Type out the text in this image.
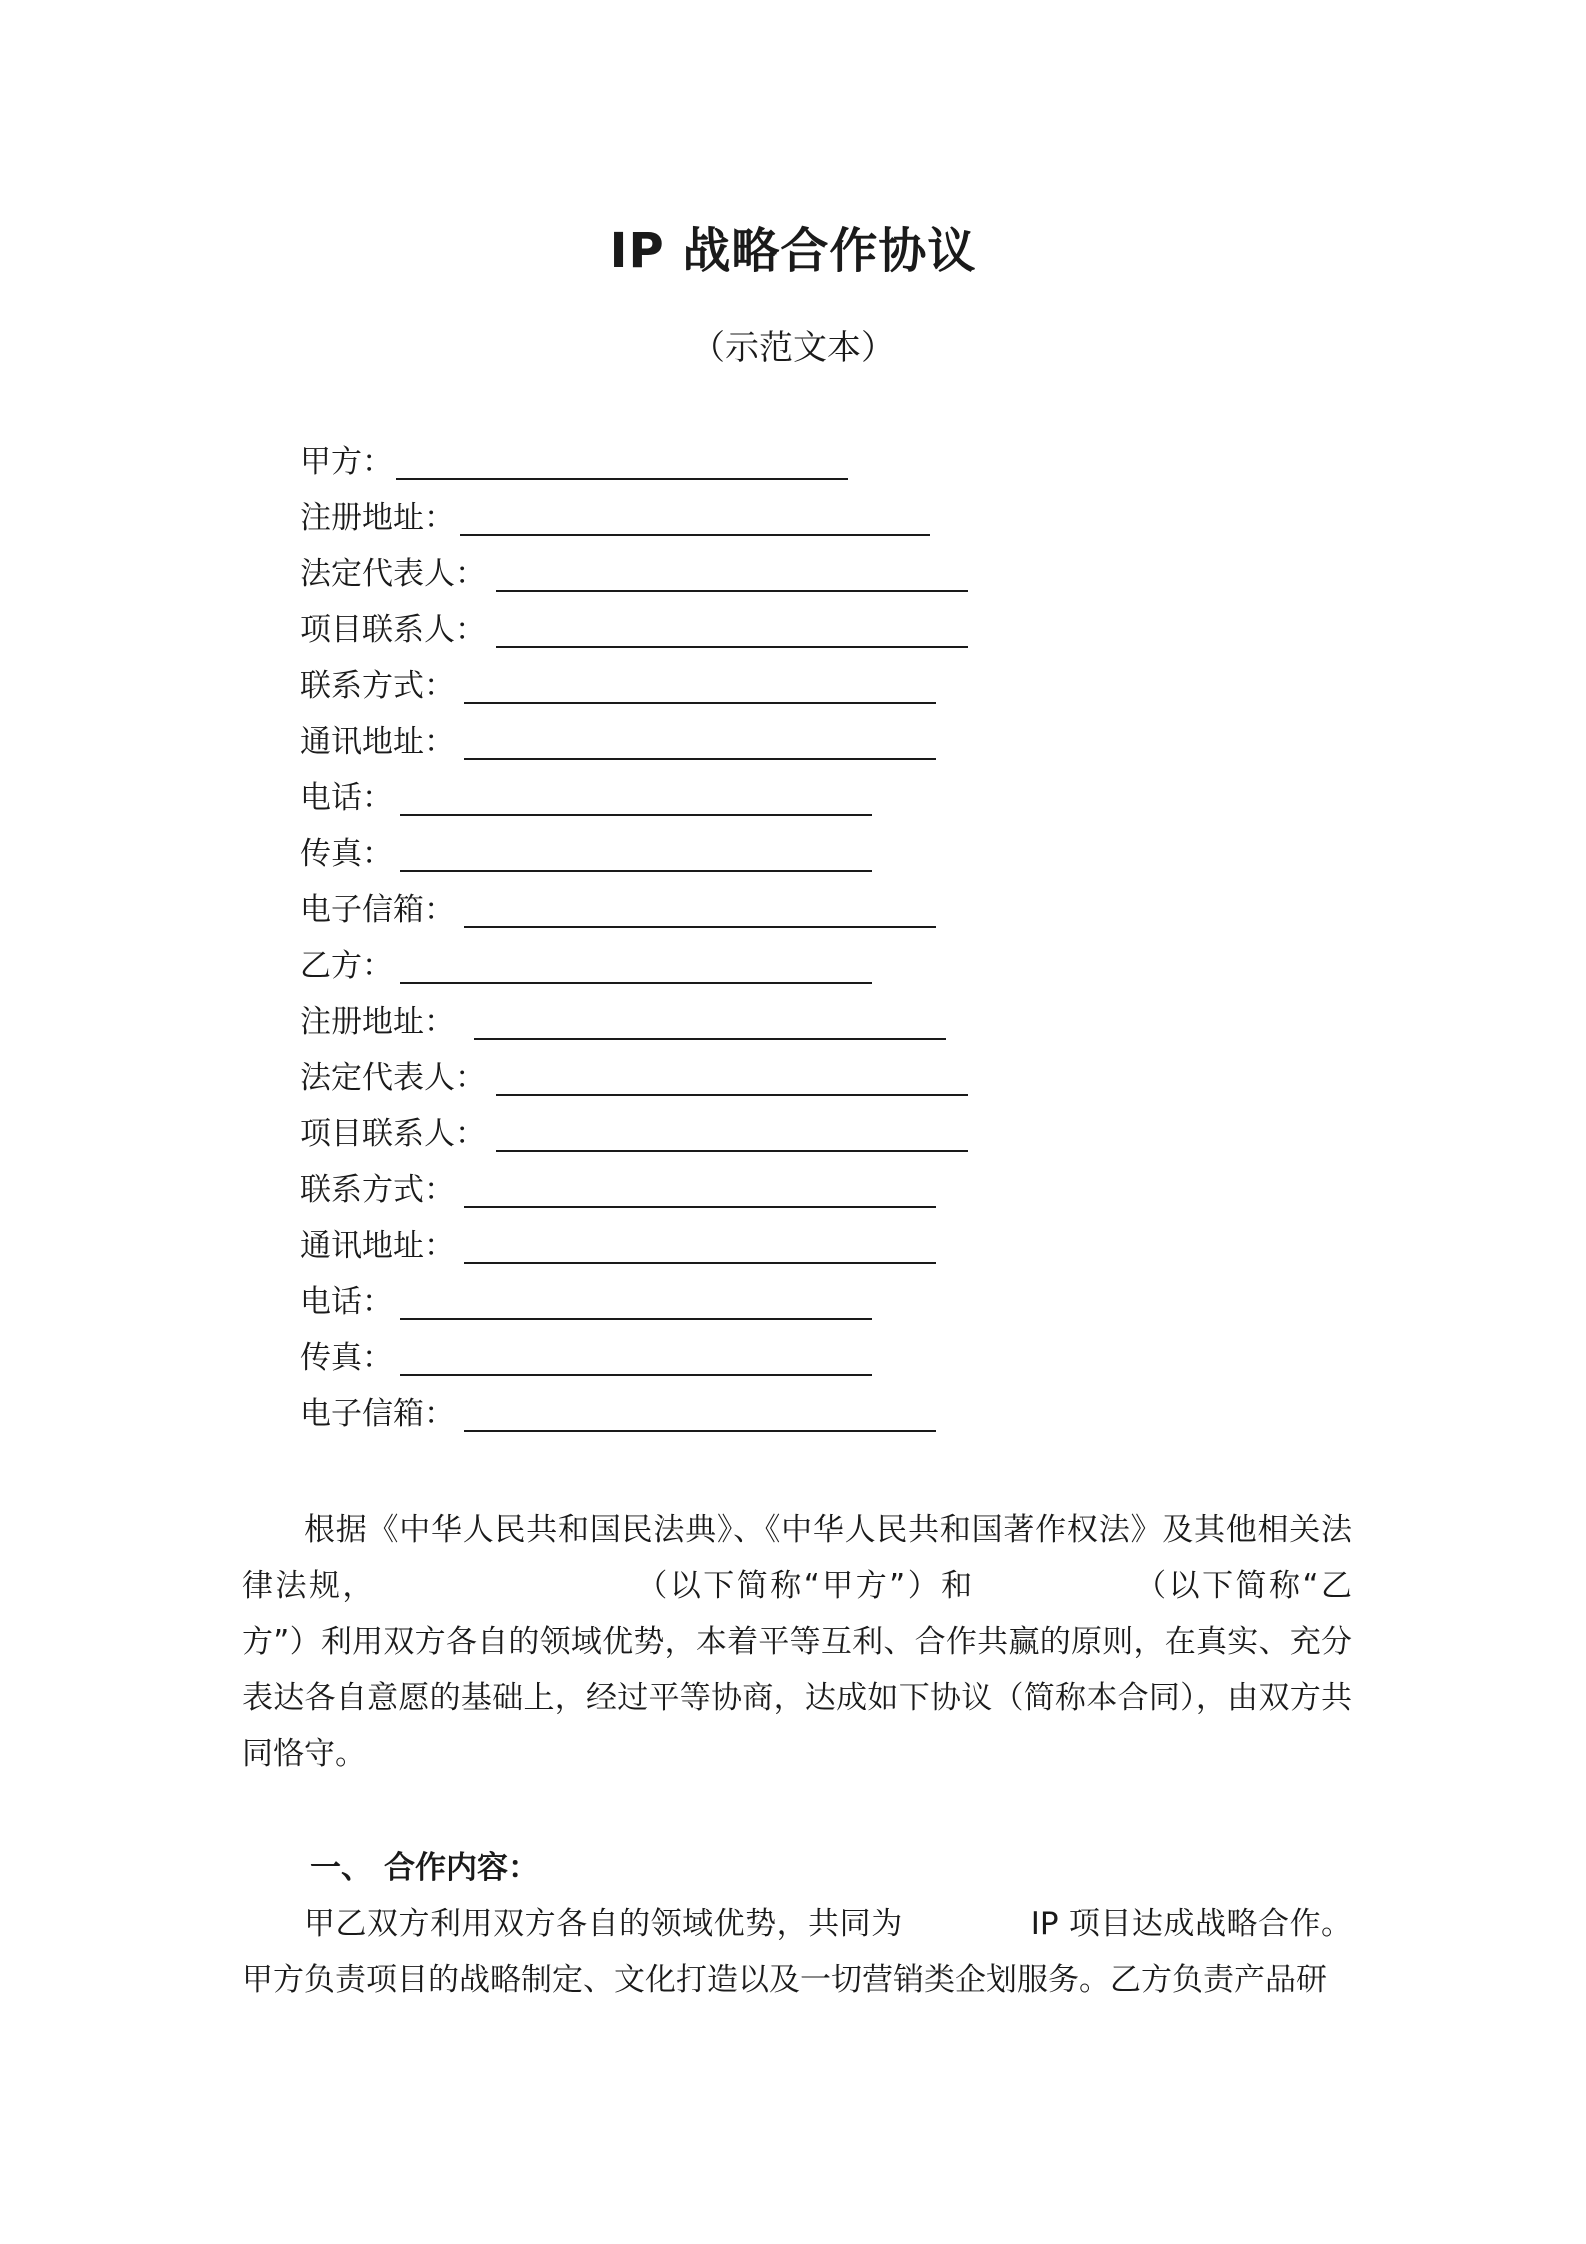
IP 战略合作协议
（示范文本）
甲方：
注册地址：
法定代表人：
项目联系人：
联系方式：
通讯地址：
电话：
传真：
电子信箱：
乙方：
注册地址：
法定代表人：
项目联系人：
联系方式：
通讯地址：
电话：
传真：
电子信箱：
根据《中华人民共和国民法典》、《中华人民共和国著作权法》及其他相关法律法规，	（以下简称“甲方”）和	（以下简称“乙方”）利用双方各自的领域优势，本着平等互利、合作共赢的原则，在真实、充分表达各自意愿的基础上，经过平等协商，达成如下协议（简称本合同），由双方共同恪守。
一、 合作内容：
甲乙双方利用双方各自的领域优势，共同为	IP 项目达成战略合作。甲方负责项目的战略制定、文化打造以及一切营销类企划服务。乙方负责产品研
